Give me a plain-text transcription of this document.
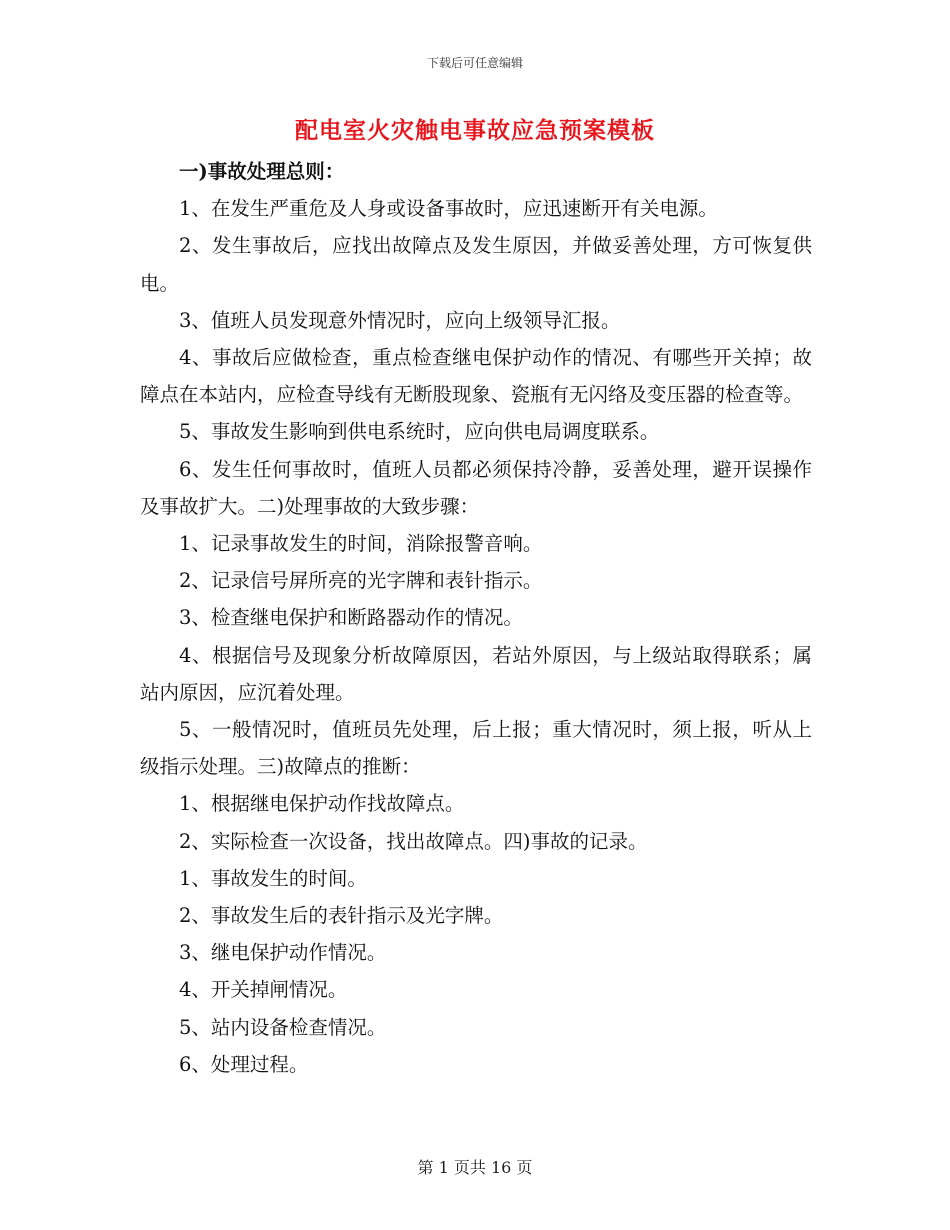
下载后可任意编辑
配电室火灾触电事故应急预案模板

一)事故处理总则：

1、在发生严重危及人身或设备事故时，应迅速断开有关电源。

2、发生事故后，应找出故障点及发生原因，并做妥善处理，方可恢复供电。

3、值班人员发现意外情况时，应向上级领导汇报。

4、事故后应做检查，重点检查继电保护动作的情况、有哪些开关掉；故障点在本站内，应检查导线有无断股现象、瓷瓶有无闪络及变压器的检查等。

5、事故发生影响到供电系统时，应向供电局调度联系。

6、发生任何事故时，值班人员都必须保持冷静，妥善处理，避开误操作及事故扩大。二)处理事故的大致步骤：

1、记录事故发生的时间，消除报警音响。

2、记录信号屏所亮的光字牌和表针指示。

3、检查继电保护和断路器动作的情况。

4、根据信号及现象分析故障原因，若站外原因，与上级站取得联系；属站内原因，应沉着处理。

5、一般情况时，值班员先处理，后上报；重大情况时，须上报，听从上级指示处理。三)故障点的推断：

1、根据继电保护动作找故障点。

2、实际检查一次设备，找出故障点。四)事故的记录。

1、事故发生的时间。

2、事故发生后的表针指示及光字牌。

3、继电保护动作情况。

4、开关掉闸情况。

5、站内设备检查情况。

6、处理过程。

第 1 页共 16 页
